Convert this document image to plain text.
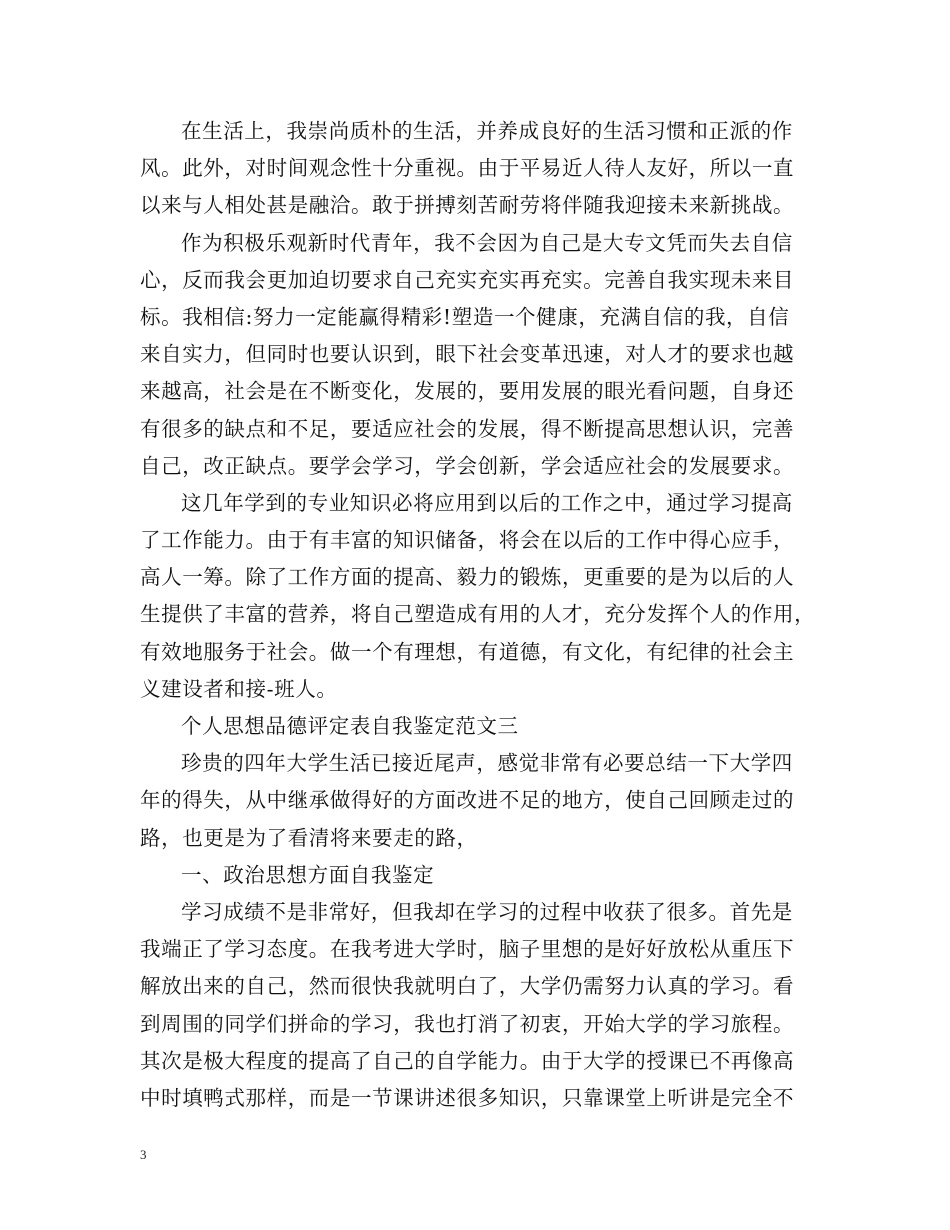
在生活上，我崇尚质朴的生活，并养成良好的生活习惯和正派的作
风。此外，对时间观念性十分重视。由于平易近人待人友好，所以一直
以来与人相处甚是融洽。敢于拼搏刻苦耐劳将伴随我迎接未来新挑战。
作为积极乐观新时代青年，我不会因为自己是大专文凭而失去自信
心，反而我会更加迫切要求自己充实充实再充实。完善自我实现未来目
标。我相信:努力一定能赢得精彩!塑造一个健康，充满自信的我，自信
来自实力，但同时也要认识到，眼下社会变革迅速，对人才的要求也越
来越高，社会是在不断变化，发展的，要用发展的眼光看问题，自身还
有很多的缺点和不足，要适应社会的发展，得不断提高思想认识，完善
自己，改正缺点。要学会学习，学会创新，学会适应社会的发展要求。
这几年学到的专业知识必将应用到以后的工作之中，通过学习提高
了工作能力。由于有丰富的知识储备，将会在以后的工作中得心应手，
高人一筹。除了工作方面的提高、毅力的锻炼，更重要的是为以后的人
生提供了丰富的营养，将自己塑造成有用的人才，充分发挥个人的作用，
有效地服务于社会。做一个有理想，有道德，有文化，有纪律的社会主
义建设者和接-班人。
个人思想品德评定表自我鉴定范文三
珍贵的四年大学生活已接近尾声，感觉非常有必要总结一下大学四
年的得失，从中继承做得好的方面改进不足的地方，使自己回顾走过的
路，也更是为了看清将来要走的路，
一、政治思想方面自我鉴定
学习成绩不是非常好，但我却在学习的过程中收获了很多。首先是
我端正了学习态度。在我考进大学时，脑子里想的是好好放松从重压下
解放出来的自己，然而很快我就明白了，大学仍需努力认真的学习。看
到周围的同学们拼命的学习，我也打消了初衷，开始大学的学习旅程。
其次是极大程度的提高了自己的自学能力。由于大学的授课已不再像高
中时填鸭式那样，而是一节课讲述很多知识，只靠课堂上听讲是完全不
3
